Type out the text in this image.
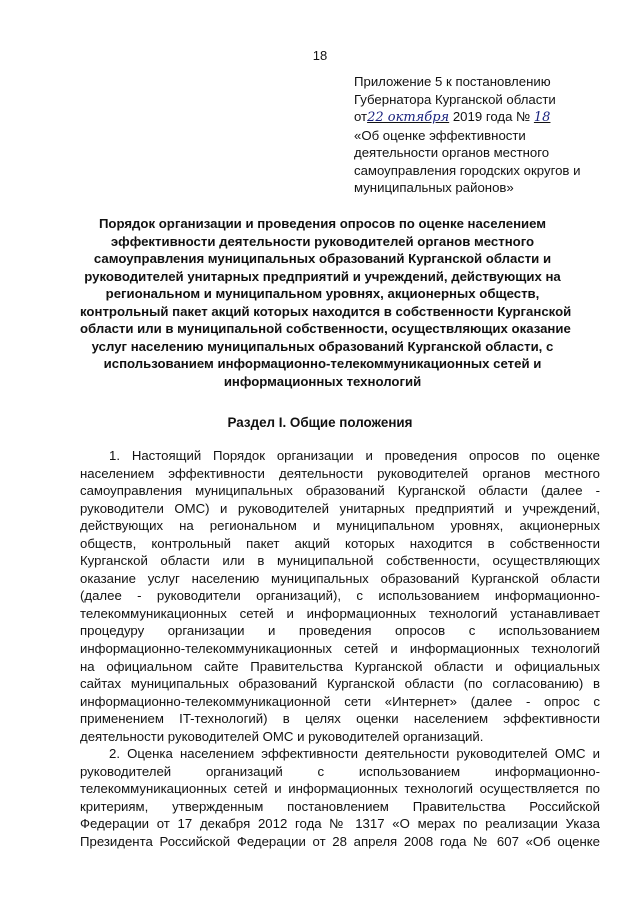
18
Приложение 5 к постановлению
Губернатора Курганской области
от22 октября 2019 года № 18
«Об оценке эффективности
деятельности органов местного
самоуправления городских округов и
муниципальных районов»
Порядок организации и проведения опросов по оценке населением
эффективности деятельности руководителей органов местного
самоуправления муниципальных образований Курганской области и
руководителей унитарных предприятий и учреждений, действующих на
региональном и муниципальном уровнях, акционерных обществ,
контрольный пакет акций которых находится в собственности Курганской
области или в муниципальной собственности, осуществляющих оказание
услуг населению муниципальных образований Курганской области, с
использованием информационно-телекоммуникационных сетей и
информационных технологий
Раздел I. Общие положения
1. Настоящий Порядок организации и проведения опросов по оценке
населением эффективности деятельности руководителей органов местного
самоуправления муниципальных образований Курганской области (далее -
руководители ОМС) и руководителей унитарных предприятий и учреждений,
действующих на региональном и муниципальном уровнях, акционерных
обществ, контрольный пакет акций которых находится в собственности
Курганской области или в муниципальной собственности, осуществляющих
оказание услуг населению муниципальных образований Курганской области
(далее - руководители организаций), с использованием информационно-
телекоммуникационных сетей и информационных технологий устанавливает
процедуру организации и проведения опросов с использованием
информационно-телекоммуникационных сетей и информационных технологий
на официальном сайте Правительства Курганской области и официальных
сайтах муниципальных образований Курганской области (по согласованию) в
информационно-телекоммуникационной сети «Интернет» (далее - опрос с
применением IT-технологий) в целях оценки населением эффективности
деятельности руководителей ОМС и руководителей организаций.
2. Оценка населением эффективности деятельности руководителей ОМС и
руководителей организаций с использованием информационно-
телекоммуникационных сетей и информационных технологий осуществляется по
критериям, утвержденным постановлением Правительства Российской
Федерации от 17 декабря 2012 года № 1317 «О мерах по реализации Указа
Президента Российской Федерации от 28 апреля 2008 года № 607 «Об оценке
